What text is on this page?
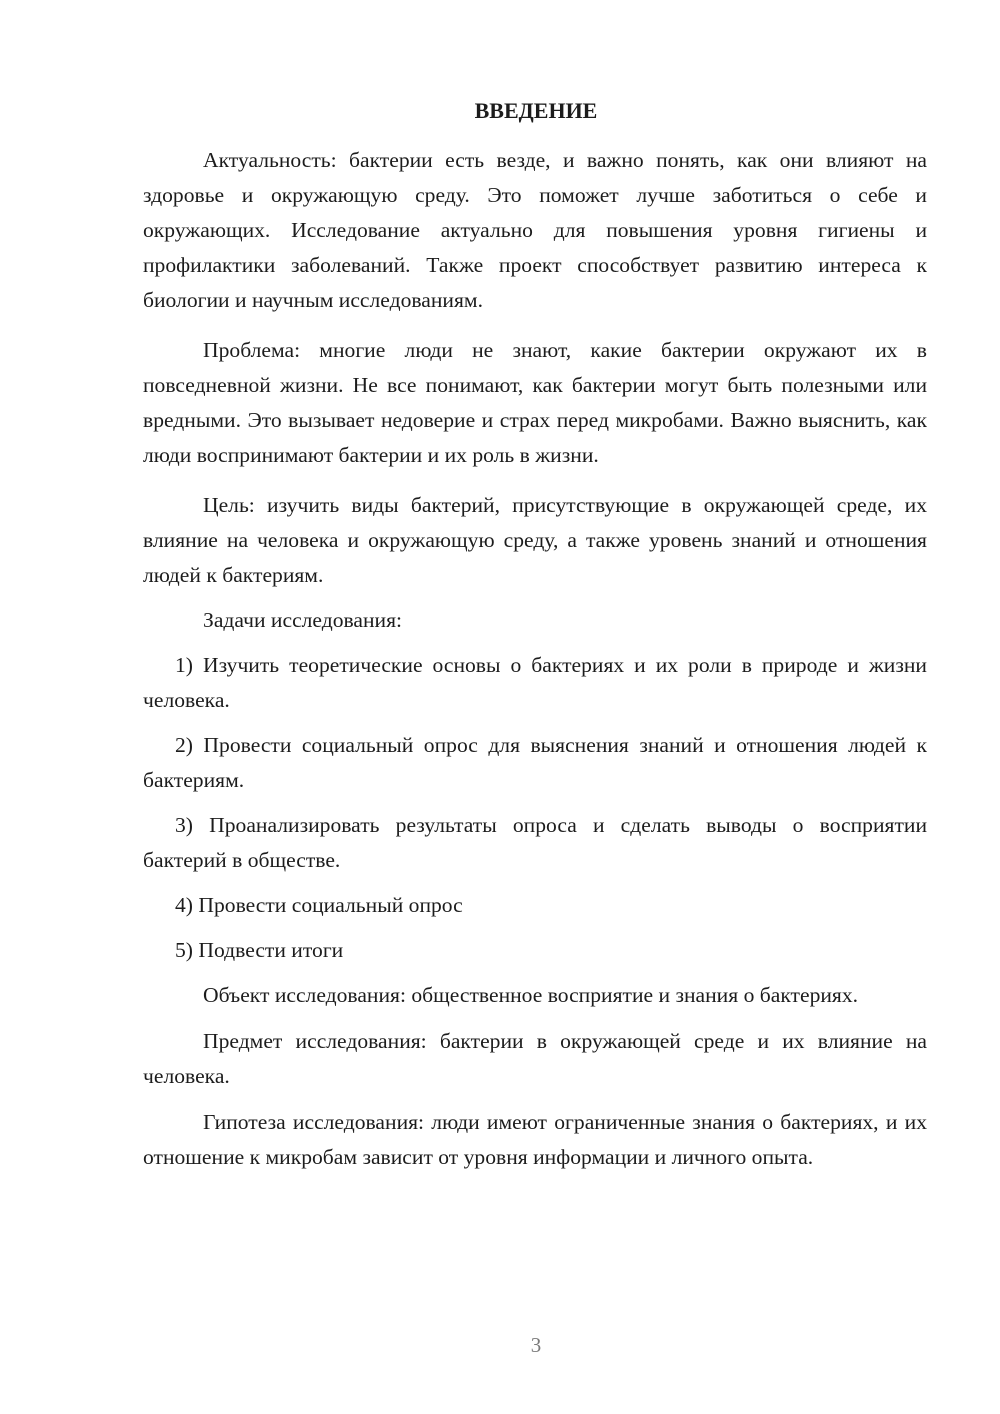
ВВЕДЕНИЕ

Актуальность: бактерии есть везде, и важно понять, как они влияют на здоровье и окружающую среду. Это поможет лучше заботиться о себе и окружающих. Исследование актуально для повышения уровня гигиены и профилактики заболеваний. Также проект способствует развитию интереса к биологии и научным исследованиям.

Проблема: многие люди не знают, какие бактерии окружают их в повседневной жизни. Не все понимают, как бактерии могут быть полезными или вредными. Это вызывает недоверие и страх перед микробами. Важно выяснить, как люди воспринимают бактерии и их роль в жизни.

Цель: изучить виды бактерий, присутствующие в окружающей среде, их влияние на человека и окружающую среду, а также уровень знаний и отношения людей к бактериям.

Задачи исследования:

1) Изучить теоретические основы о бактериях и их роли в природе и жизни человека.

2) Провести социальный опрос для выяснения знаний и отношения людей к бактериям.

3) Проанализировать результаты опроса и сделать выводы о восприятии бактерий в обществе.

4) Провести социальный опрос

5) Подвести итоги

Объект исследования: общественное восприятие и знания о бактериях.

Предмет исследования: бактерии в окружающей среде и их влияние на человека.

Гипотеза исследования: люди имеют ограниченные знания о бактериях, и их отношение к микробам зависит от уровня информации и личного опыта.

3
